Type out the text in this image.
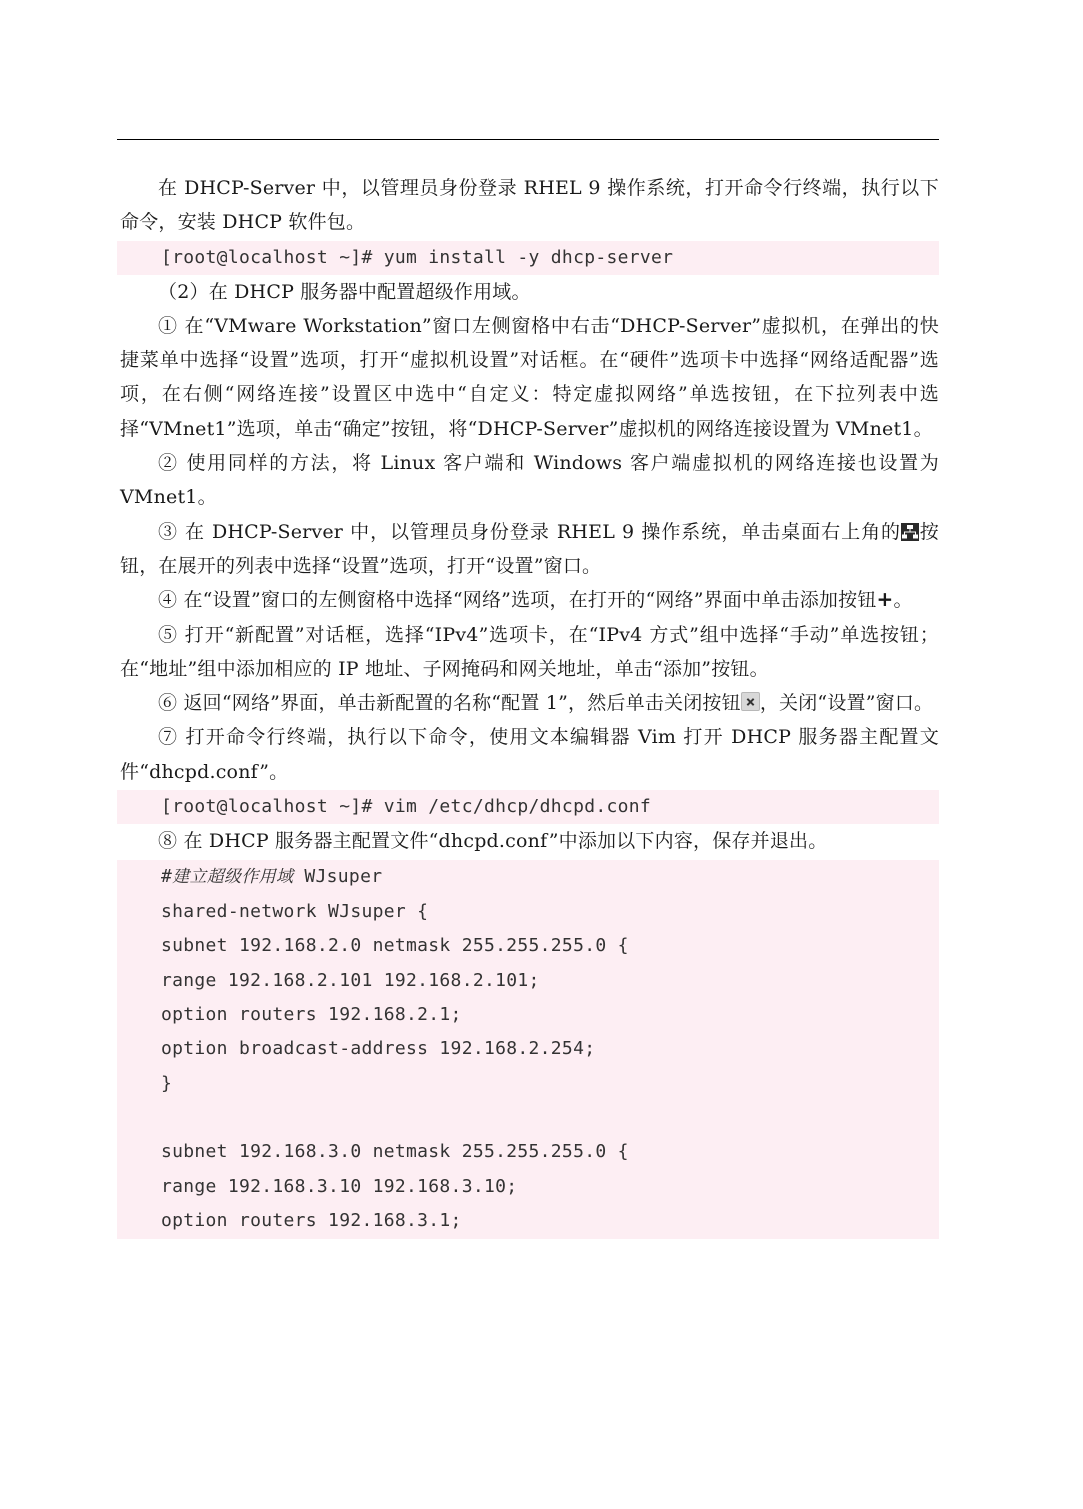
在 DHCP-Server 中，以管理员身份登录 RHEL 9 操作系统，打开命令行终端，执行以下命令，安装 DHCP 软件包。

[root@localhost ~]# yum install -y dhcp-server

（2）在 DHCP 服务器中配置超级作用域。

① 在“VMware Workstation”窗口左侧窗格中右击“DHCP-Server”虚拟机，在弹出的快捷菜单中选择“设置”选项，打开“虚拟机设置”对话框。在“硬件”选项卡中选择“网络适配器”选项，在右侧“网络连接”设置区中选中“自定义：特定虚拟网络”单选按钮，在下拉列表中选择“VMnet1”选项，单击“确定”按钮，将“DHCP-Server”虚拟机的网络连接设置为 VMnet1。

② 使用同样的方法，将 Linux 客户端和 Windows 客户端虚拟机的网络连接也设置为 VMnet1。

③ 在 DHCP-Server 中，以管理员身份登录 RHEL 9 操作系统，单击桌面右上角的 按钮，在展开的列表中选择“设置”选项，打开“设置”窗口。

④ 在“设置”窗口的左侧窗格中选择“网络”选项，在打开的“网络”界面中单击添加按钮+。

⑤ 打开“新配置”对话框，选择“IPv4”选项卡，在“IPv4 方式”组中选择“手动”单选按钮；在“地址”组中添加相应的 IP 地址、子网掩码和网关地址，单击“添加”按钮。

⑥ 返回“网络”界面，单击新配置的名称“配置 1”，然后单击关闭按钮 ，关闭“设置”窗口。

⑦ 打开命令行终端，执行以下命令，使用文本编辑器 Vim 打开 DHCP 服务器主配置文件“dhcpd.conf”。

[root@localhost ~]# vim /etc/dhcp/dhcpd.conf

⑧ 在 DHCP 服务器主配置文件“dhcpd.conf”中添加以下内容，保存并退出。

#建立超级作用域 WJsuper
shared-network WJsuper {
subnet 192.168.2.0 netmask 255.255.255.0 {
range 192.168.2.101 192.168.2.101;
option routers 192.168.2.1;
option broadcast-address 192.168.2.254;
}
subnet 192.168.3.0 netmask 255.255.255.0 {
range 192.168.3.10 192.168.3.10;
option routers 192.168.3.1;
